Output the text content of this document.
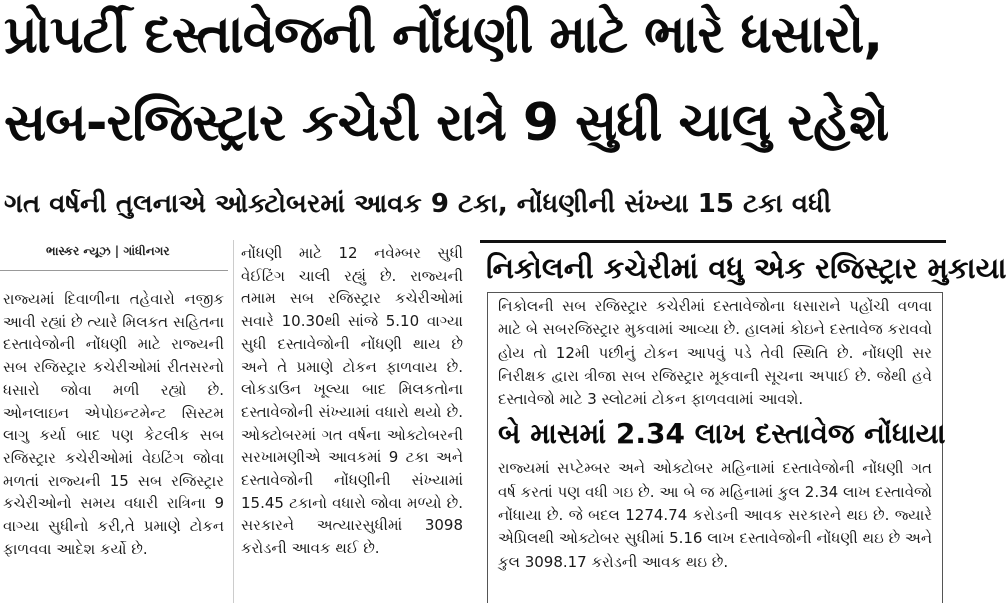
પ્રોપર્ટી દસ્તાવેજની નોંધણી માટે ભારે ધસારો,
સબ-રજિસ્ટ્રાર કચેરી રાત્રે 9 સુધી ચાલુ રહેશે
ગત વર્ષની તુલનાએ ઓક્ટોબરમાં આવક 9 ટકા, નોંધણીની સંખ્યા 15 ટકા વધી
ભાસ્કર ન્યૂઝ | ગાંધીનગર
રાજ્યમાં દિવાળીના તહેવારો નજીક આવી રહ્યાં છે ત્યારે મિલકત સહિતના દસ્તાવેજોની નોંધણી માટે રાજ્યની સબ રજિસ્ટ્રાર કચેરીઓમાં રીતસરનો ધસારો જોવા મળી રહ્યો છે. ઓનલાઇન એપોઇન્ટમેન્ટ સિસ્ટમ લાગુ કર્યા બાદ પણ કેટલીક સબ રજિસ્ટ્રાર કચેરીઓમાં વેઇટિંગ જોવા મળતાં રાજ્યની 15 સબ રજિસ્ટ્રાર કચેરીઓનો સમય વધારી રાત્રિના 9 વાગ્યા સુધીનો કરી,તે પ્રમાણે ટોકન ફાળવવા આદેશ કર્યો છે.
નોંધણી માટે 12 નવેમ્બર સુધી વેઈટિંગ ચાલી રહ્યું છે. રાજ્યની તમામ સબ રજિસ્ટ્રાર કચેરીઓમાં સવારે 10.30થી સાંજે 5.10 વાગ્યા સુધી દસ્તાવેજોની નોંધણી થાય છે અને તે પ્રમાણે ટોકન ફાળવાય છે. લોકડાઉન ખૂલ્યા બાદ મિલકતોના દસ્તાવેજોની સંખ્યામાં વધારો થયો છે. ઓક્ટોબરમાં ગત વર્ષના ઓક્ટોબરની સરખામણીએ આવકમાં 9 ટકા અને દસ્તાવેજોની નોંધણીની સંખ્યામાં 15.45 ટકાનો વધારો જોવા મળ્યો છે. સરકારને અત્યારસુધીમાં 3098 કરોડની આવક થઈ છે.
નિકોલની કચેરીમાં વધુ એક રજિસ્ટ્રાર મુકાયા
નિકોલની સબ રજિસ્ટ્રાર કચેરીમાં દસ્તાવેજોના ધસારાને પહોંચી વળવા માટે બે સબરજિસ્ટ્રાર મુકવામાં આવ્યા છે. હાલમાં કોઇને દસ્તાવેજ કરાવવો હોય તો 12મી પછીનું ટોકન આપવું પડે તેવી સ્થિતિ છે. નોંધણી સર નિરીક્ષક દ્વારા ત્રીજા સબ રજિસ્ટ્રાર મૂકવાની સૂચના અપાઈ છે. જેથી હવે દસ્તાવેજો માટે 3 સ્લોટમાં ટોકન ફાળવવામાં આવશે.
બે માસમાં 2.34 લાખ દસ્તાવેજ નોંધાયા
રાજ્યમાં સપ્ટેમ્બર અને ઓક્ટોબર મહિનામાં દસ્તાવેજોની નોંધણી ગત વર્ષ કરતાં પણ વધી ગઇ છે. આ બે જ મહિનામાં કુલ 2.34 લાખ દસ્તાવેજો નોંધાયા છે. જે બદલ 1274.74 કરોડની આવક સરકારને થઇ છે. જ્યારે એપ્રિલથી ઓક્ટોબર સુધીમાં 5.16 લાખ દસ્તાવેજોની નોંધણી થઇ છે અને કુલ 3098.17 કરોડની આવક થઇ છે.
